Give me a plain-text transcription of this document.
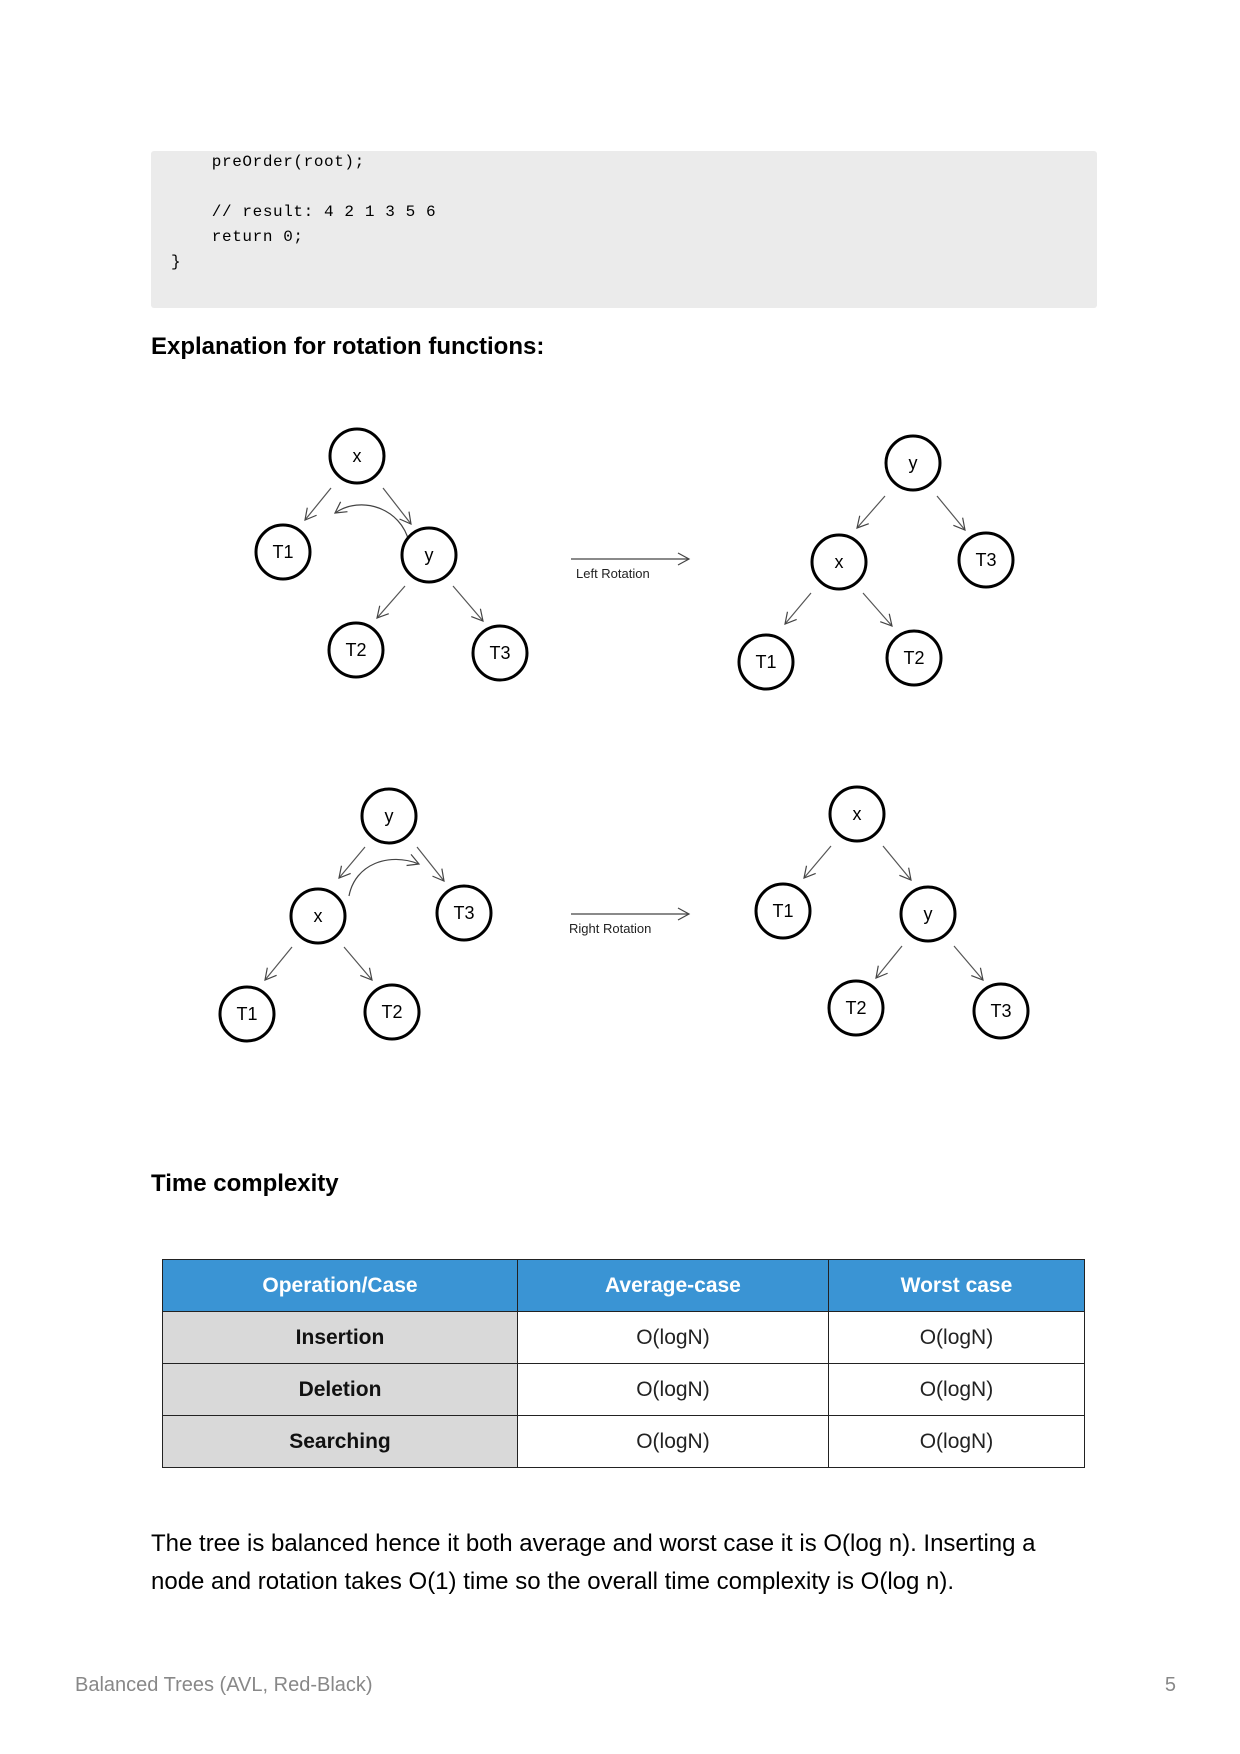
preOrder(root);
// result: 4 2 1 3 5 6
return 0;
}
Explanation for rotation functions:
x
T1	y
T2	T3
Left Rotation
y
x	T3
T1	T2
y
x	T3
T1	T2
Right Rotation
x
T1	y
T2	T3
Time complexity
Operation/Case	Average-case	Worst case
Insertion	O(logN)	O(logN)
Deletion	O(logN)	O(logN)
Searching	O(logN)	O(logN)
The tree is balanced hence it both average and worst case it is O(log n). Inserting a node and rotation takes O(1) time so the overall time complexity is O(log n).
Balanced Trees (AVL, Red-Black)	5
